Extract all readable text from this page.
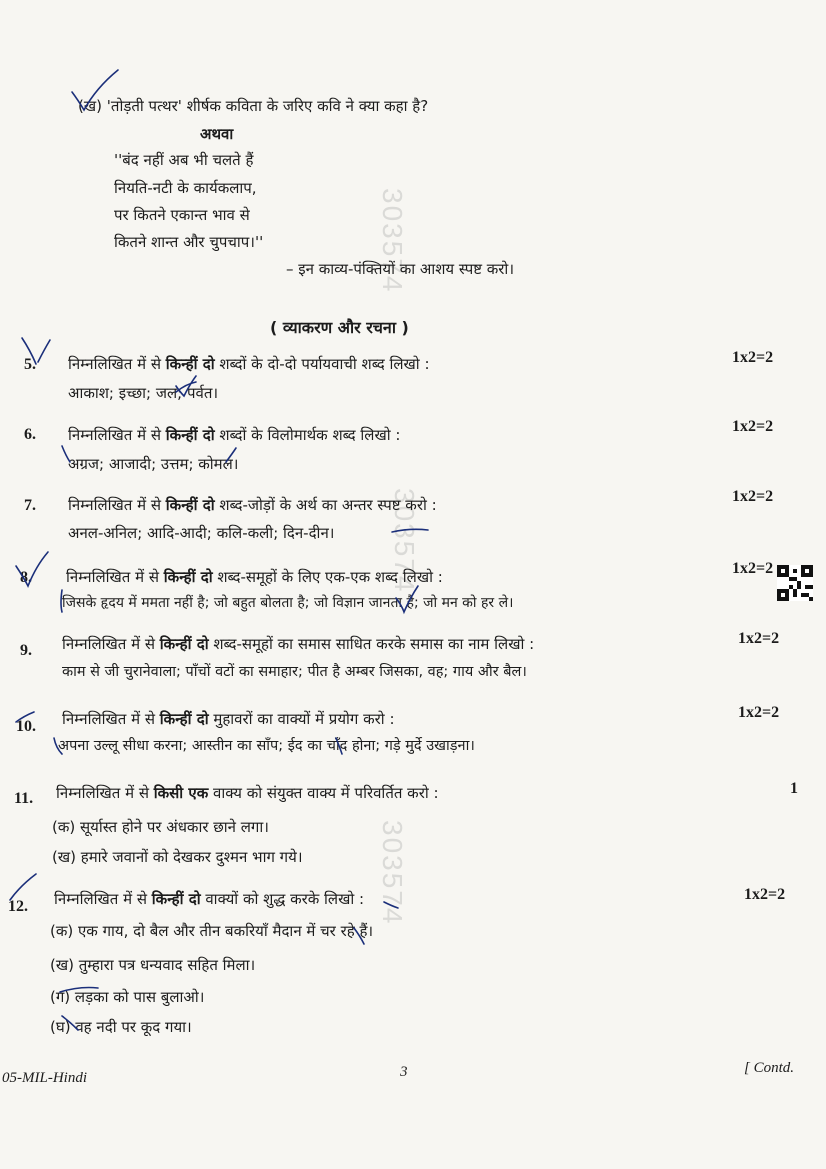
303574
303574
303574
(ख) 'तोड़ती पत्थर' शीर्षक कविता के जरिए कवि ने क्या कहा है?
अथवा
''बंद नहीं अब भी चलते हैं
नियति-नटी के कार्यकलाप,
पर कितने एकान्त भाव से
कितने शान्त और चुपचाप।''
– इन काव्य-पंक्तियों का आशय स्पष्ट करो।
( व्याकरण और रचना )
5. निम्नलिखित में से किन्हीं दो शब्दों के दो-दो पर्यायवाची शब्द लिखो :
आकाश; इच्छा; जल; पर्वत।
1x2=2
6. निम्नलिखित में से किन्हीं दो शब्दों के विलोमार्थक शब्द लिखो :
अग्रज; आजादी; उत्तम; कोमल।
1x2=2
7. निम्नलिखित में से किन्हीं दो शब्द-जोड़ों के अर्थ का अन्तर स्पष्ट करो :
अनल-अनिल; आदि-आदी; कलि-कली; दिन-दीन।
1x2=2
8. निम्नलिखित में से किन्हीं दो शब्द-समूहों के लिए एक-एक शब्द लिखो :
जिसके हृदय में ममता नहीं है; जो बहुत बोलता है; जो विज्ञान जानता है; जो मन को हर ले।
1x2=2
9. निम्नलिखित में से किन्हीं दो शब्द-समूहों का समास साधित करके समास का नाम लिखो :
काम से जी चुरानेवाला; पाँचों वटों का समाहार; पीत है अम्बर जिसका, वह; गाय और बैल।
1x2=2
10. निम्नलिखित में से किन्हीं दो मुहावरों का वाक्यों में प्रयोग करो :
अपना उल्लू सीधा करना; आस्तीन का साँप; ईद का चाँद होना; गड़े मुर्दे उखाड़ना।
1x2=2
11. निम्नलिखित में से किसी एक वाक्य को संयुक्त वाक्य में परिवर्तित करो :
(क) सूर्यास्त होने पर अंधकार छाने लगा।
(ख) हमारे जवानों को देखकर दुश्मन भाग गये।
1
12. निम्नलिखित में से किन्हीं दो वाक्यों को शुद्ध करके लिखो :
(क) एक गाय, दो बैल और तीन बकरियाँ मैदान में चर रहे हैं।
(ख) तुम्हारा पत्र धन्यवाद सहित मिला।
(ग) लड़का को पास बुलाओ।
(घ) वह नदी पर कूद गया।
1x2=2
05-MIL-Hindi	3	[ Contd.
